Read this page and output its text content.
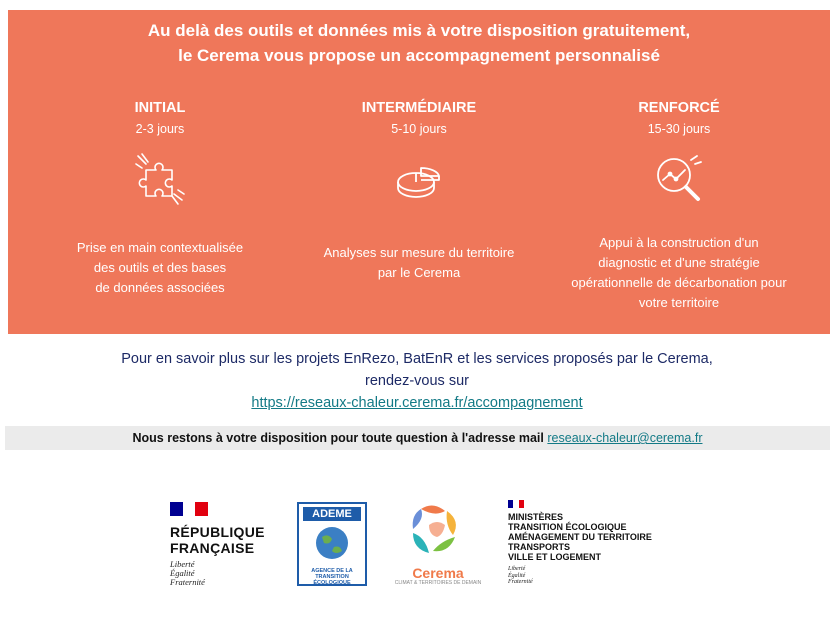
Au delà des outils et données mis à votre disposition gratuitement,
le Cerema vous propose un accompagnement personnalisé
INITIAL
2-3 jours
Prise en main contextualisée
des outils et des bases
de données associées
INTERMÉDIAIRE
5-10 jours
Analyses sur mesure du territoire
par le Cerema
RENFORCÉ
15-30 jours
Appui à la construction d'un
diagnostic et d'une stratégie
opérationnelle de décarbonation pour
votre territoire
Pour en savoir plus sur les projets EnRezo, BatEnR et les services proposés par le Cerema,
rendez-vous sur
https://reseaux-chaleur.cerema.fr/accompagnement
Nous restons à votre disposition pour toute question à l'adresse mail reseaux-chaleur@cerema.fr
RÉPUBLIQUE
FRANÇAISE
Liberté
Égalité
Fraternité
ADEME
AGENCE DE LA
TRANSITION
ÉCOLOGIQUE
Cerema
CLIMAT & TERRITOIRES DE DEMAIN
MINISTÈRES
TRANSITION ÉCOLOGIQUE
AMÉNAGEMENT DU TERRITOIRE
TRANSPORTS
VILLE ET LOGEMENT
Liberté
Égalité
Fraternité
